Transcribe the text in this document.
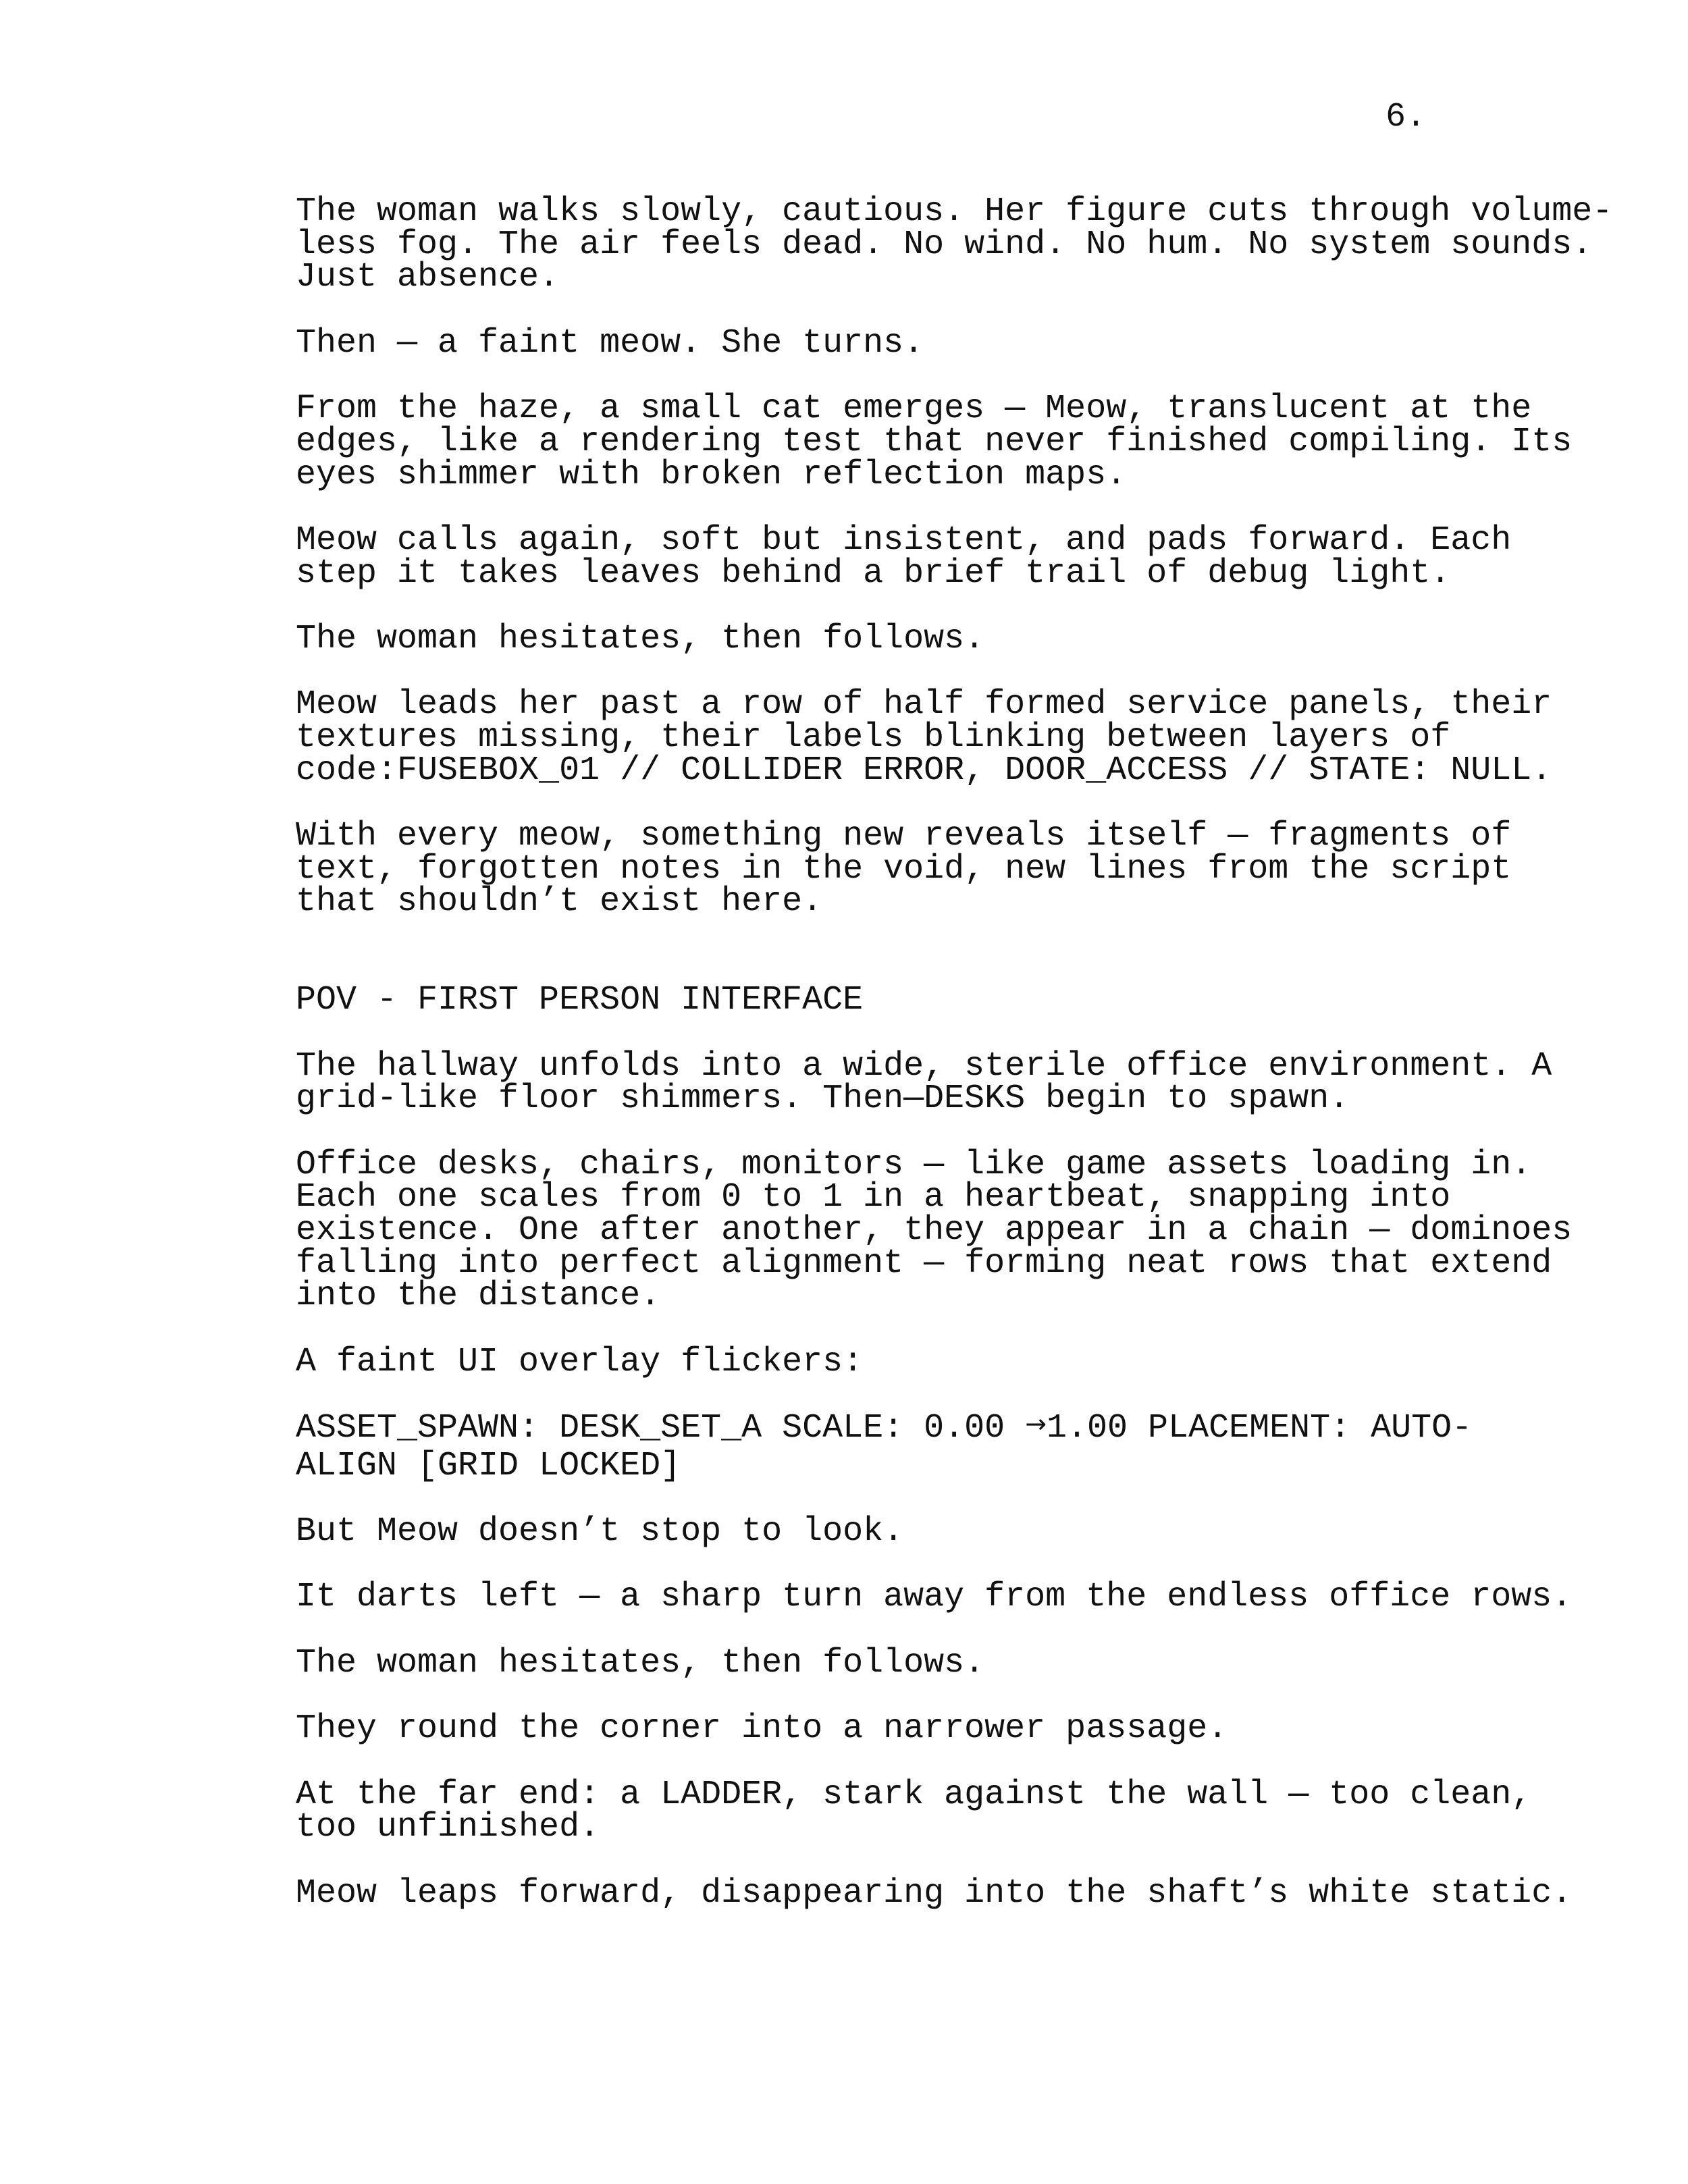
6.
The woman walks slowly, cautious. Her figure cuts through volume-
less fog. The air feels dead. No wind. No hum. No system sounds.
Just absence.
Then — a faint meow. She turns.
From the haze, a small cat emerges — Meow, translucent at the
edges, like a rendering test that never finished compiling. Its
eyes shimmer with broken reflection maps.
Meow calls again, soft but insistent, and pads forward. Each
step it takes leaves behind a brief trail of debug light.
The woman hesitates, then follows.
Meow leads her past a row of half formed service panels, their
textures missing, their labels blinking between layers of
code:FUSEBOX_01 // COLLIDER ERROR, DOOR_ACCESS // STATE: NULL.
With every meow, something new reveals itself — fragments of
text, forgotten notes in the void, new lines from the script
that shouldn’t exist here.
POV - FIRST PERSON INTERFACE
The hallway unfolds into a wide, sterile office environment. A
grid-like floor shimmers. Then—DESKS begin to spawn.
Office desks, chairs, monitors — like game assets loading in.
Each one scales from 0 to 1 in a heartbeat, snapping into
existence. One after another, they appear in a chain — dominoes
falling into perfect alignment — forming neat rows that extend
into the distance.
A faint UI overlay flickers:
ASSET_SPAWN: DESK_SET_A SCALE: 0.00 →1.00 PLACEMENT: AUTO-
ALIGN [GRID LOCKED]
But Meow doesn’t stop to look.
It darts left — a sharp turn away from the endless office rows.
The woman hesitates, then follows.
They round the corner into a narrower passage.
At the far end: a LADDER, stark against the wall — too clean,
too unfinished.
Meow leaps forward, disappearing into the shaft’s white static.
